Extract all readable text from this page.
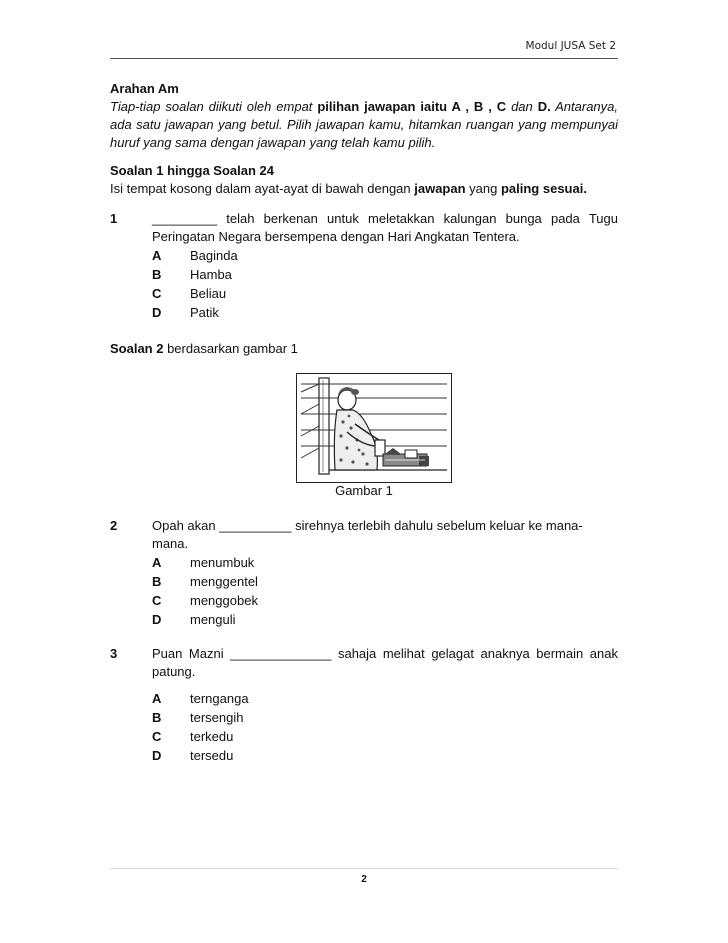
Modul JUSA Set 2

Arahan Am

Tiap-tiap soalan diikuti oleh empat pilihan jawapan iaitu A , B , C dan D. Antaranya, ada satu jawapan yang betul. Pilih jawapan kamu, hitamkan ruangan yang mempunyai huruf yang sama dengan jawapan yang telah kamu pilih.

Soalan 1 hingga Soalan 24

Isi tempat kosong dalam ayat-ayat di bawah dengan jawapan yang paling sesuai.

1	_________ telah berkenan untuk meletakkan kalungan bunga pada Tugu Peringatan Negara bersempena dengan Hari Angkatan Tentera.
A	Baginda
B	Hamba
C	Beliau
D	Patik

Soalan 2 berdasarkan gambar 1

Gambar 1
2	Opah akan __________ sirehnya terlebih dahulu sebelum keluar ke mana-mana.
A	menumbuk
B	menggentel
C	menggobek
D	menguli
3	Puan Mazni ______________ sahaja melihat gelagat anaknya bermain anak patung.
A	ternganga
B	tersengih
C	terkedu
D	tersedu
2
